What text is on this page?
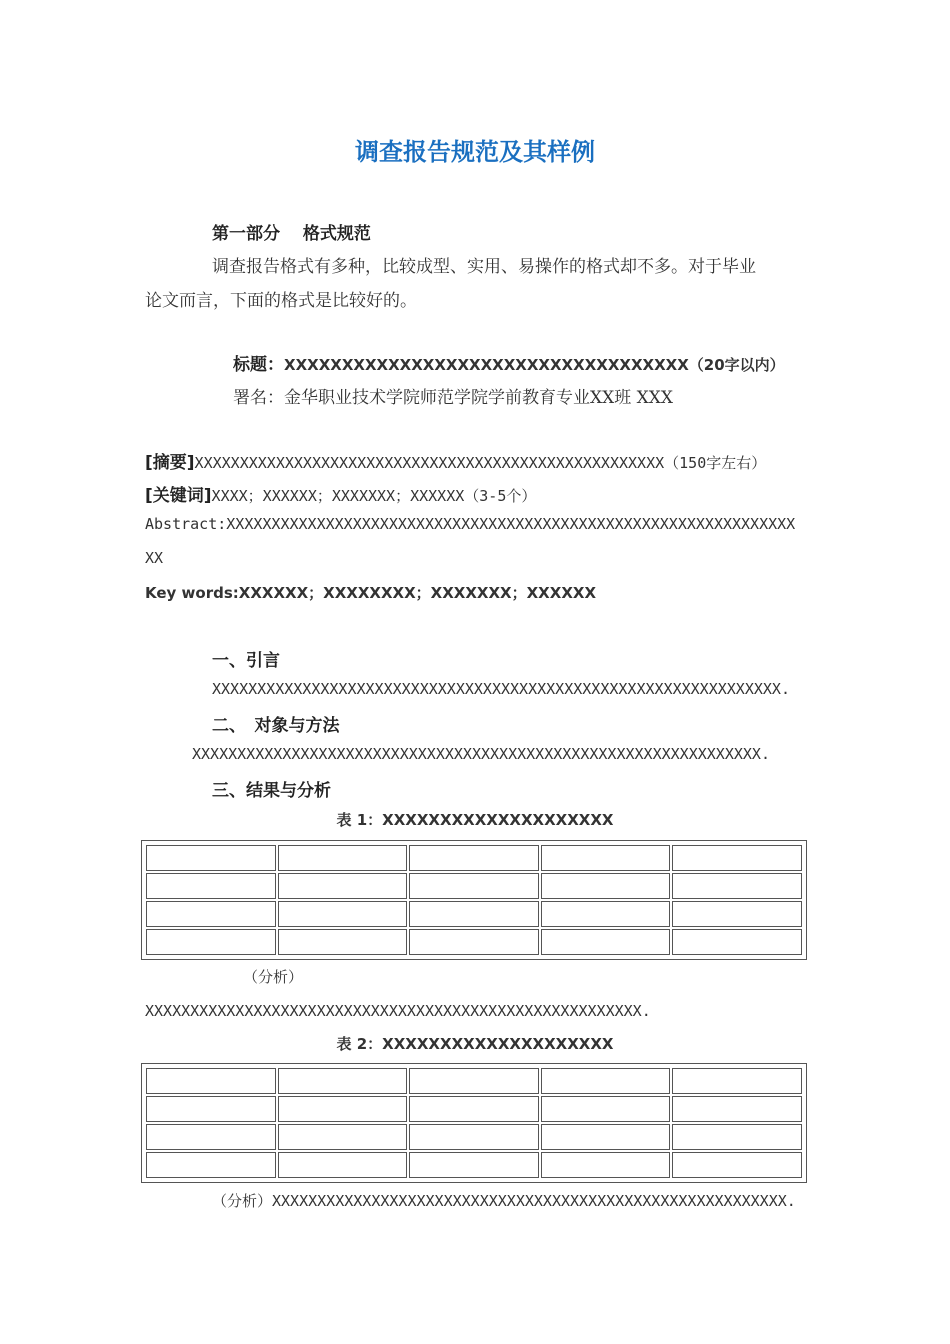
调查报告规范及其样例
第一部分　 格式规范
调查报告格式有多种，比较成型、实用、易操作的格式却不多。对于毕业
论文而言，下面的格式是比较好的。
标题：XXXXXXXXXXXXXXXXXXXXXXXXXXXXXXXXXXX（20字以内）
署名：金华职业技术学院师范学院学前教育专业XX班 XXX
[摘要]XXXXXXXXXXXXXXXXXXXXXXXXXXXXXXXXXXXXXXXXXXXXXXXXXXXX（150字左右）
[关键词]XXXX；XXXXXX；XXXXXXX；XXXXXX（3-5个）
Abstract:XXXXXXXXXXXXXXXXXXXXXXXXXXXXXXXXXXXXXXXXXXXXXXXXXXXXXXXXXXXXXXX
XX
Key words:XXXXXX；XXXXXXXX；XXXXXXX；XXXXXX
一、引言
XXXXXXXXXXXXXXXXXXXXXXXXXXXXXXXXXXXXXXXXXXXXXXXXXXXXXXXXXXXXXXX.
二、　对象与方法
XXXXXXXXXXXXXXXXXXXXXXXXXXXXXXXXXXXXXXXXXXXXXXXXXXXXXXXXXXXXXXX.
三、结果与分析
表 1：XXXXXXXXXXXXXXXXXXXX

（分析）
XXXXXXXXXXXXXXXXXXXXXXXXXXXXXXXXXXXXXXXXXXXXXXXXXXXXXXX.
表 2：XXXXXXXXXXXXXXXXXXXX

（分析）XXXXXXXXXXXXXXXXXXXXXXXXXXXXXXXXXXXXXXXXXXXXXXXXXXXXXXXXX.
